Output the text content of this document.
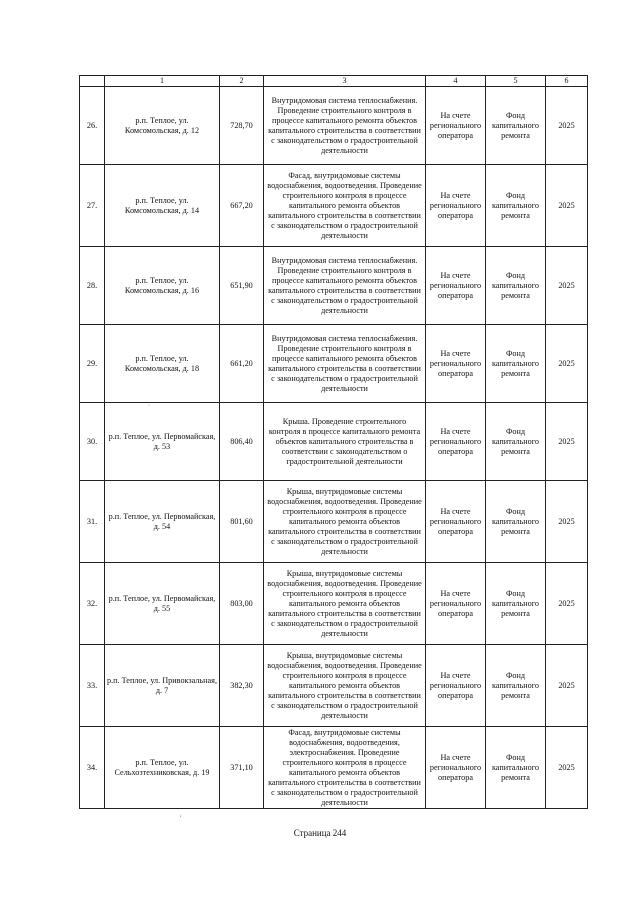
	1	2	3	4	5	6
26.	р.п. Теплое, ул. Комсомольская, д. 12	728,70	Внутридомовая система теплоснабжения. Проведение строительного контроля в процессе капитального ремонта объектов капитального строительства в соответствии с законодательством о градостроительной деятельности	На счете регионального оператора	Фонд капитального ремонта	2025
27.	р.п. Теплое, ул. Комсомольская, д. 14	667,20	Фасад, внутридомовые системы водоснабжения, водоотведения. Проведение строительного контроля в процессе капитального ремонта объектов капитального строительства в соответствии с законодательством о градостроительной деятельности	На счете регионального оператора	Фонд капитального ремонта	2025
28.	р.п. Теплое, ул. Комсомольская, д. 16	651,90	Внутридомовая система теплоснабжения. Проведение строительного контроля в процессе капитального ремонта объектов капитального строительства в соответствии с законодательством о градостроительной деятельности	На счете регионального оператора	Фонд капитального ремонта	2025
29.	р.п. Теплое, ул. Комсомольская, д. 18	661,20	Внутридомовая система теплоснабжения. Проведение строительного контроля в процессе капитального ремонта объектов капитального строительства в соответствии с законодательством о градостроительной деятельности	На счете регионального оператора	Фонд капитального ремонта	2025
30.	р.п. Теплое, ул. Первомайская, д. 53	806,40	Крыша. Проведение строительного контроля в процессе капитального ремонта объектов капитального строительства в соответствии с законодательством о градостроительной деятельности	На счете регионального оператора	Фонд капитального ремонта	2025
31.	р.п. Теплое, ул. Первомайская, д. 54	801,60	Крыша, внутридомовые системы водоснабжения, водоотведения. Проведение строительного контроля в процессе капитального ремонта объектов капитального строительства в соответствии с законодательством о градостроительной деятельности	На счете регионального оператора	Фонд капитального ремонта	2025
32.	р.п. Теплое, ул. Первомайская, д. 55	803,00	Крыша, внутридомовые системы водоснабжения, водоотведения. Проведение строительного контроля в процессе капитального ремонта объектов капитального строительства в соответствии с законодательством о градостроительной деятельности	На счете регионального оператора	Фонд капитального ремонта	2025
33.	р.п. Теплое, ул. Привокзальная, д. 7	382,30	Крыша, внутридомовые системы водоснабжения, водоотведения. Проведение строительного контроля в процессе капитального ремонта объектов капитального строительства в соответствии с законодательством о градостроительной деятельности	На счете регионального оператора	Фонд капитального ремонта	2025
34.	р.п. Теплое, ул. Сельхозтехниковская, д. 19	371,10	Фасад, внутридомовые системы водоснабжения, водоотведения, электроснабжения. Проведение строительного контроля в процессе капитального ремонта объектов капитального строительства в соответствии с законодательством о градостроительной деятельности	На счете регионального оператора	Фонд капитального ремонта	2025
·
,
Страница 244
